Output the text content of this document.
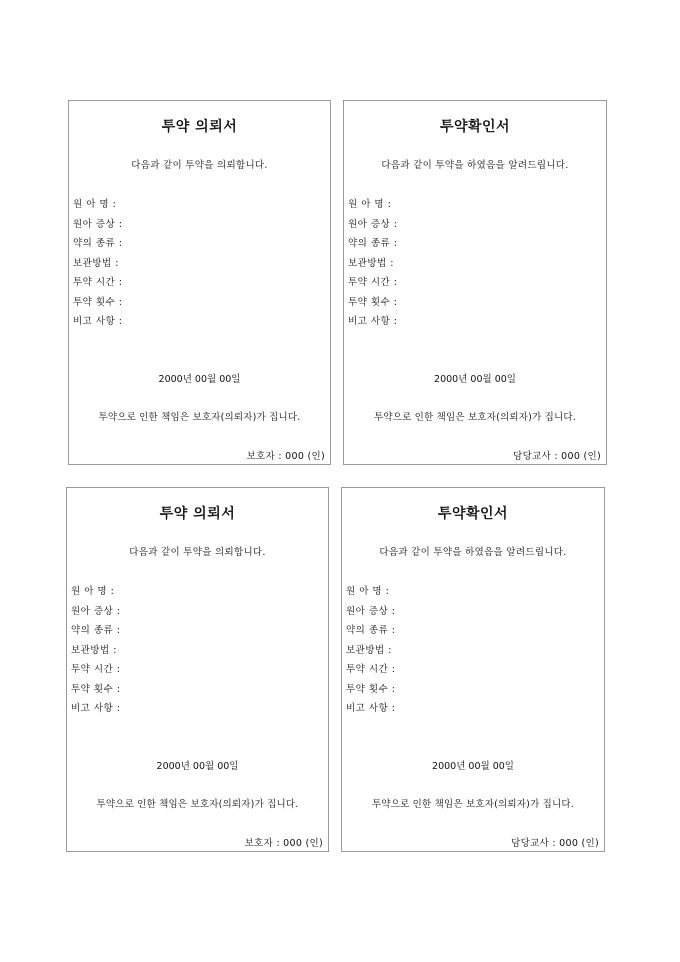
투약 의뢰서
다음과 같이 투약을 의뢰합니다.
원 아 명 :
원아 증상 :
약의 종류 :
보관방법 :
투약 시간 :
투약 횟수 :
비고 사항 :
2000년 00월 00일
투약으로 인한 책임은 보호자(의뢰자)가 집니다.
보호자 : 000 (인)
투약확인서
다음과 같이 투약을 하였음을 알려드립니다.
원 아 명 :
원아 증상 :
약의 종류 :
보관방법 :
투약 시간 :
투약 횟수 :
비고 사항 :
2000년 00월 00일
투약으로 인한 책임은 보호자(의뢰자)가 집니다.
담당교사 : 000 (인)
투약 의뢰서
다음과 같이 투약을 의뢰합니다.
원 아 명 :
원아 증상 :
약의 종류 :
보관방법 :
투약 시간 :
투약 횟수 :
비고 사항 :
2000년 00월 00일
투약으로 인한 책임은 보호자(의뢰자)가 집니다.
보호자 : 000 (인)
투약확인서
다음과 같이 투약을 하였음을 알려드립니다.
원 아 명 :
원아 증상 :
약의 종류 :
보관방법 :
투약 시간 :
투약 횟수 :
비고 사항 :
2000년 00월 00일
투약으로 인한 책임은 보호자(의뢰자)가 집니다.
담당교사 : 000 (인)
